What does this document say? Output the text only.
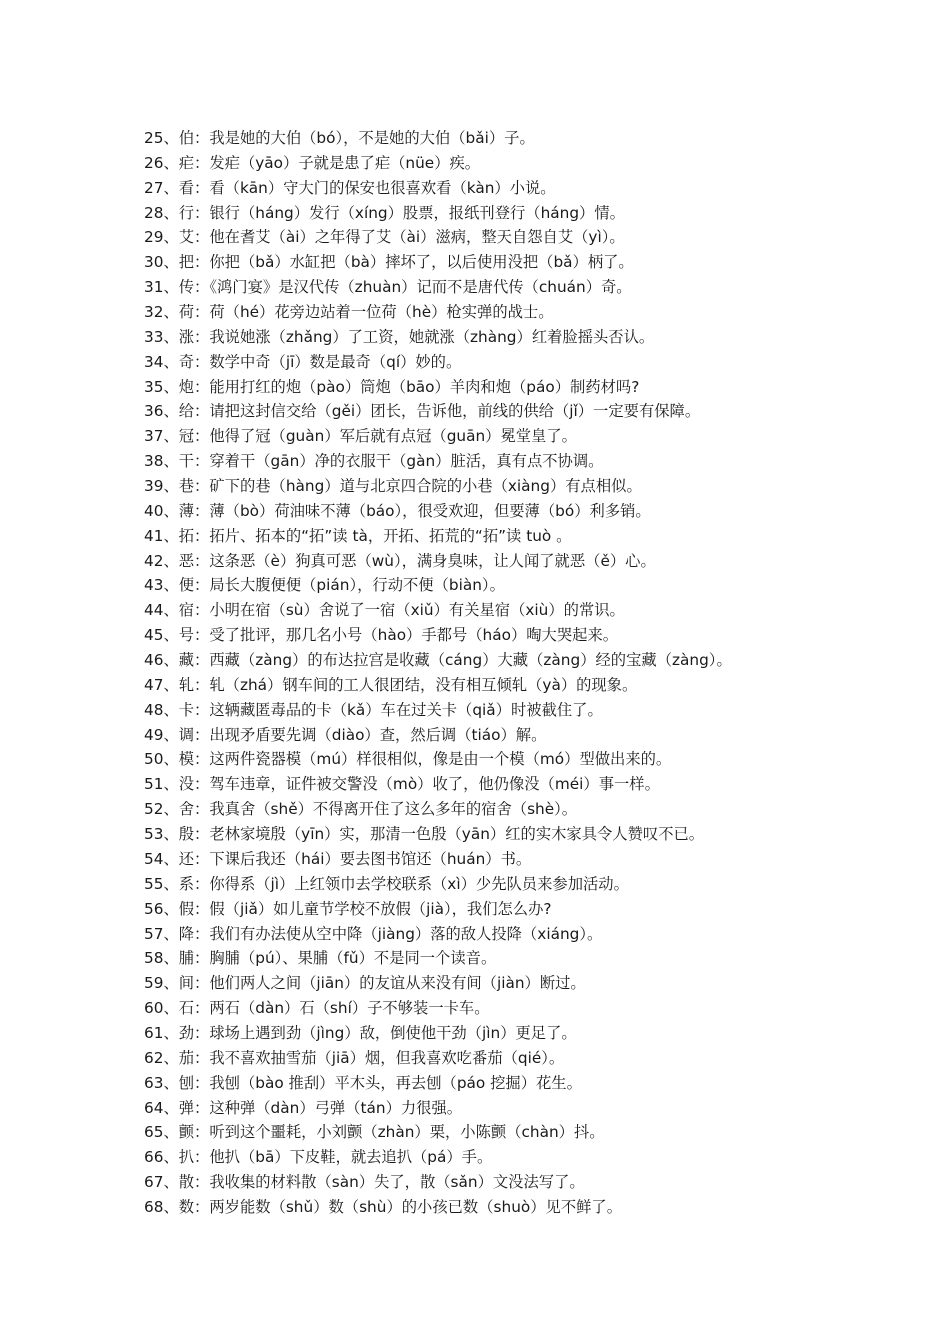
25、伯：我是她的大伯（bó），不是她的大伯（bǎi）子。
26、疟：发疟（yāo）子就是患了疟（nüe）疾。
27、看：看（kān）守大门的保安也很喜欢看（kàn）小说。
28、行：银行（háng）发行（xíng）股票，报纸刊登行（háng）情。
29、艾：他在耆艾（ài）之年得了艾（ài）滋病，整天自怨自艾（yì）。
30、把：你把（bǎ）水缸把（bà）摔坏了，以后使用没把（bǎ）柄了。
31、传：《鸿门宴》是汉代传（zhuàn）记而不是唐代传（chuán）奇。
32、荷：荷（hé）花旁边站着一位荷（hè）枪实弹的战士。
33、涨：我说她涨（zhǎng）了工资，她就涨（zhàng）红着脸摇头否认。
34、奇：数学中奇（jī）数是最奇（qí）妙的。
35、炮：能用打红的炮（pào）筒炮（bāo）羊肉和炮（páo）制药材吗?
36、给：请把这封信交给（gěi）团长，告诉他，前线的供给（jǐ）一定要有保障。
37、冠：他得了冠（guàn）军后就有点冠（guān）冕堂皇了。
38、干：穿着干（gān）净的衣服干（gàn）脏活，真有点不协调。
39、巷：矿下的巷（hàng）道与北京四合院的小巷（xiàng）有点相似。
40、薄：薄（bò）荷油味不薄（báo），很受欢迎，但要薄（bó）利多销。
41、拓：拓片、拓本的“拓”读 tà，开拓、拓荒的“拓”读 tuò 。
42、恶：这条恶（è）狗真可恶（wù），满身臭味，让人闻了就恶（ě）心。
43、便：局长大腹便便（pián），行动不便（biàn）。
44、宿：小明在宿（sù）舍说了一宿（xiǔ）有关星宿（xiù）的常识。
45、号：受了批评，那几名小号（hào）手都号（háo）啕大哭起来。
46、藏：西藏（zàng）的布达拉宫是收藏（cáng）大藏（zàng）经的宝藏（zàng）。
47、轧：轧（zhá）钢车间的工人很团结，没有相互倾轧（yà）的现象。
48、卡：这辆藏匿毒品的卡（kǎ）车在过关卡（qiǎ）时被截住了。
49、调：出现矛盾要先调（diào）查，然后调（tiáo）解。
50、模：这两件瓷器模（mú）样很相似，像是由一个模（mó）型做出来的。
51、没：驾车违章，证件被交警没（mò）收了，他仍像没（méi）事一样。
52、舍：我真舍（shě）不得离开住了这么多年的宿舍（shè）。
53、殷：老林家境殷（yīn）实，那清一色殷（yān）红的实木家具令人赞叹不已。
54、还：下课后我还（hái）要去图书馆还（huán）书。
55、系：你得系（jì）上红领巾去学校联系（xì）少先队员来参加活动。
56、假：假（jiǎ）如儿童节学校不放假（jià），我们怎么办?
57、降：我们有办法使从空中降（jiàng）落的敌人投降（xiáng）。
58、脯：胸脯（pú）、果脯（fǔ）不是同一个读音。
59、间：他们两人之间（jiān）的友谊从来没有间（jiàn）断过。
60、石：两石（dàn）石（shí）子不够装一卡车。
61、劲：球场上遇到劲（jìng）敌，倒使他干劲（jìn）更足了。
62、茄：我不喜欢抽雪茄（jiā）烟，但我喜欢吃番茄（qié）。
63、刨：我刨（bào 推刮）平木头，再去刨（páo 挖掘）花生。
64、弹：这种弹（dàn）弓弹（tán）力很强。
65、颤：听到这个噩耗，小刘颤（zhàn）栗，小陈颤（chàn）抖。
66、扒：他扒（bā）下皮鞋，就去追扒（pá）手。
67、散：我收集的材料散（sàn）失了，散（sǎn）文没法写了。
68、数：两岁能数（shǔ）数（shù）的小孩已数（shuò）见不鲜了。
